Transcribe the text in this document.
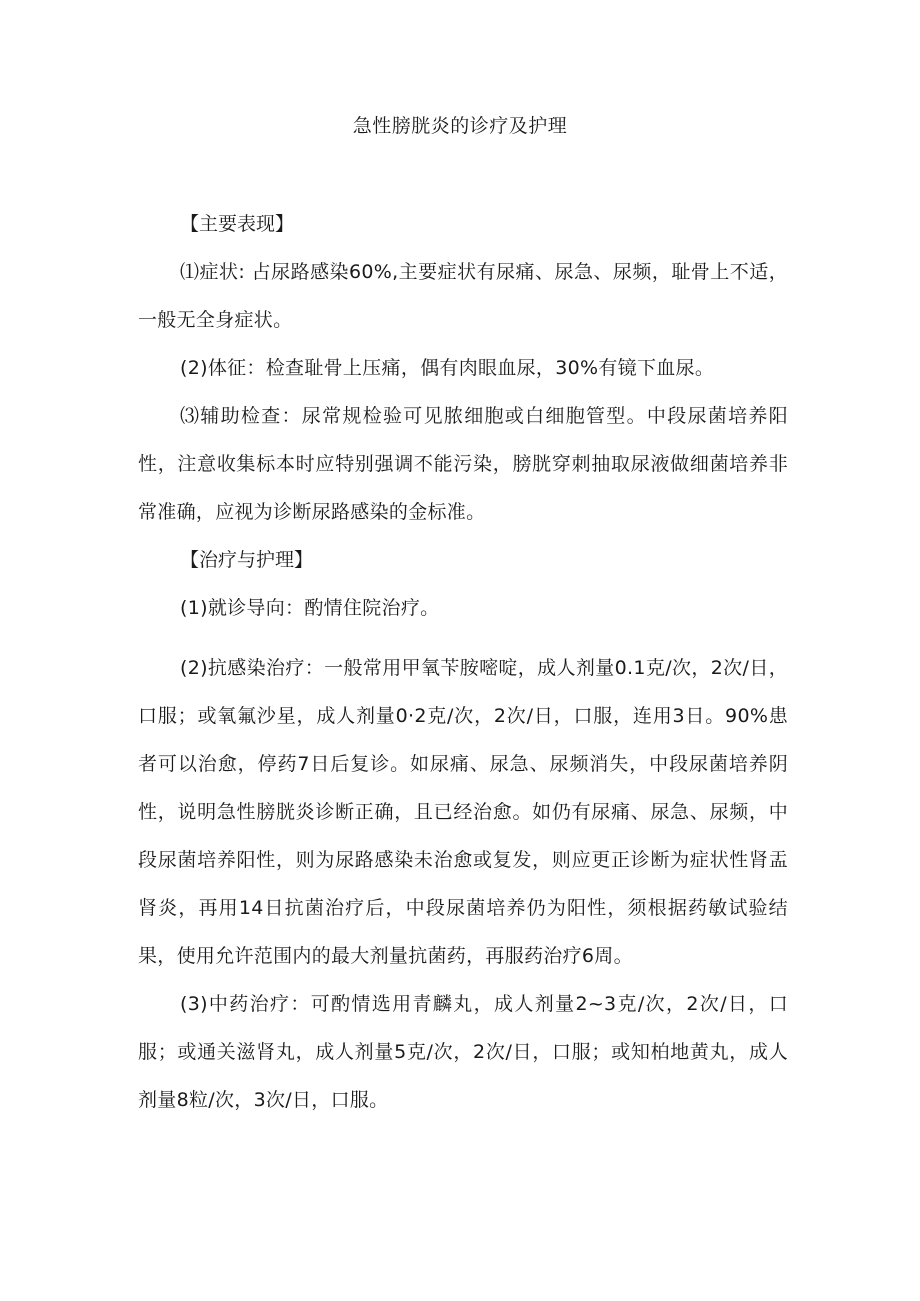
急性膀胱炎的诊疗及护理

【主要表现】

⑴症状: 占尿路感染60%,主要症状有尿痛、尿急、尿频，耻骨上不适，一般无全身症状。

(2)体征：检查耻骨上压痛，偶有肉眼血尿，30%有镜下血尿。

⑶辅助检查：尿常规检验可见脓细胞或白细胞管型。中段尿菌培养阳性，注意收集标本时应特别强调不能污染，膀胱穿刺抽取尿液做细菌培养非常准确，应视为诊断尿路感染的金标准。

【治疗与护理】

(1)就诊导向：酌情住院治疗。

(2)抗感染治疗：一般常用甲氧苄胺嘧啶，成人剂量0.1克/次，2次/日，口服；或氧氟沙星，成人剂量0·2克/次，2次/日，口服，连用3日。90%患者可以治愈，停药7日后复诊。如尿痛、尿急、尿频消失，中段尿菌培养阴性，说明急性膀胱炎诊断正确，且已经治愈。如仍有尿痛、尿急、尿频，中段尿菌培养阳性，则为尿路感染未治愈或复发，则应更正诊断为症状性肾盂肾炎，再用14日抗菌治疗后，中段尿菌培养仍为阳性，须根据药敏试验结果，使用允许范围内的最大剂量抗菌药，再服药治疗6周。

(3)中药治疗：可酌情选用青麟丸，成人剂量2~3克/次，2次/日，口服；或通关滋肾丸，成人剂量5克/次，2次/日，口服；或知柏地黄丸，成人剂量8粒/次，3次/日，口服。
